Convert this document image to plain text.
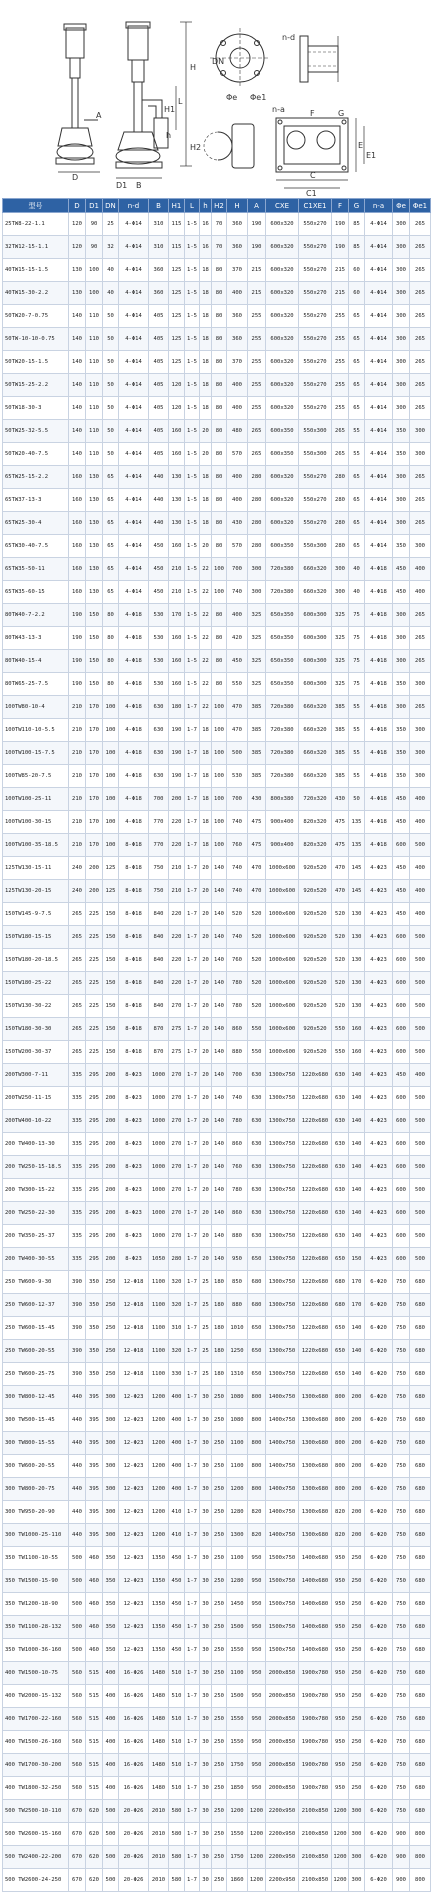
H
H1
H2
A
B
L
h
D
D1
DN
n-d
Φe Φe1
n-a	F	G
C
C1
E
E1
型号	D	D1	DN	n-d	B	H1	L	h	H2	H	A	CXE	C1XE1	F	G	n-a	Φe	Φe1
25TW8-22-1.1	120	90	25	4-Φ14	310	115	1-5	16	70	360	190	600x320	550x270	190	85	4-Φ14	300	265
32TW12-15-1.1	120	90	32	4-Φ14	310	115	1-5	16	70	360	190	600x320	550x270	190	85	4-Φ14	300	265
40TW15-15-1.5	130	100	40	4-Φ14	360	125	1-5	18	80	370	215	600x320	550x270	215	60	4-Φ14	300	265
40TW15-30-2.2	130	100	40	4-Φ14	360	125	1-5	18	80	400	215	600x320	550x270	215	60	4-Φ14	300	265
50TW20-7-0.75	140	110	50	4-Φ14	405	125	1-5	18	80	360	255	600x320	550x270	255	65	4-Φ14	300	265
50TW-10-10-0.75	140	110	50	4-Φ14	405	125	1-5	18	80	360	255	600x320	550x270	255	65	4-Φ14	300	265
50TW20-15-1.5	140	110	50	4-Φ14	405	125	1-5	18	80	370	255	600x320	550x270	255	65	4-Φ14	300	265
50TW15-25-2.2	140	110	50	4-Φ14	405	120	1-5	18	80	400	255	600x320	550x270	255	65	4-Φ14	300	265
50TW18-30-3	140	110	50	4-Φ14	405	120	1-5	18	80	400	255	600x320	550x270	255	65	4-Φ14	300	265
50TW25-32-5.5	140	110	50	4-Φ14	405	160	1-5	20	80	480	265	600x350	550x300	265	55	4-Φ14	350	300
50TW20-40-7.5	140	110	50	4-Φ14	405	160	1-5	20	80	570	265	600x350	550x300	265	55	4-Φ14	350	300
65TW25-15-2.2	160	130	65	4-Φ14	440	130	1-5	18	80	400	280	600x320	550x270	280	65	4-Φ14	300	265
65TW37-13-3	160	130	65	4-Φ14	440	130	1-5	18	80	400	280	600x320	550x270	280	65	4-Φ14	300	265
65TW25-30-4	160	130	65	4-Φ14	440	130	1-5	18	80	430	280	600x320	550x270	280	65	4-Φ14	300	265
65TW30-40-7.5	160	130	65	4-Φ14	450	160	1-5	20	80	570	280	600x350	550x300	280	65	4-Φ14	350	300
65TW35-50-11	160	130	65	4-Φ14	450	210	1-5	22	100	700	300	720x380	660x320	300	40	4-Φ18	450	400
65TW35-60-15	160	130	65	4-Φ14	450	210	1-5	22	100	740	300	720x380	660x320	300	40	4-Φ18	450	400
80TW40-7-2.2	190	150	80	4-Φ18	530	170	1-5	22	80	400	325	650x350	600x300	325	75	4-Φ18	300	265
80TW43-13-3	190	150	80	4-Φ18	530	160	1-5	22	80	420	325	650x350	600x300	325	75	4-Φ18	300	265
80TW40-15-4	190	150	80	4-Φ18	530	160	1-5	22	80	450	325	650x350	600x300	325	75	4-Φ18	300	265
80TW65-25-7.5	190	150	80	4-Φ18	530	160	1-5	22	80	550	325	650x350	600x300	325	75	4-Φ18	350	300
100TW80-10-4	210	170	100	4-Φ18	630	180	1-7	22	100	470	385	720x380	660x320	385	55	4-Φ18	300	265
100TW110-10-5.5	210	170	100	4-Φ18	630	190	1-7	18	100	470	385	720x380	660x320	385	55	4-Φ18	350	300
100TW100-15-7.5	210	170	100	4-Φ18	630	190	1-7	18	100	500	385	720x380	660x320	385	55	4-Φ18	350	300
100TW85-20-7.5	210	170	100	4-Φ18	630	190	1-7	18	100	530	385	720x380	660x320	385	55	4-Φ18	350	300
100TW100-25-11	210	170	100	4-Φ18	700	200	1-7	18	100	700	430	800x380	720x320	430	50	4-Φ18	450	400
100TW100-30-15	210	170	100	4-Φ18	770	220	1-7	18	100	740	475	900x400	820x320	475	135	4-Φ18	450	400
100TW100-35-18.5	210	170	100	8-Φ18	770	220	1-7	18	100	760	475	900x400	820x320	475	135	4-Φ18	600	500
125TW130-15-11	240	200	125	8-Φ18	750	210	1-7	20	140	740	470	1000x600	920x520	470	145	4-Φ23	450	400
125TW130-20-15	240	200	125	8-Φ18	750	210	1-7	20	140	740	470	1000x600	920x520	470	145	4-Φ23	450	400
150TW145-9-7.5	265	225	150	8-Φ18	840	220	1-7	20	140	520	520	1000x600	920x520	520	130	4-Φ23	450	400
150TW180-15-15	265	225	150	8-Φ18	840	220	1-7	20	140	740	520	1000x600	920x520	520	130	4-Φ23	600	500
150TW180-20-18.5	265	225	150	8-Φ18	840	220	1-7	20	140	760	520	1000x600	920x520	520	130	4-Φ23	600	500
150TW180-25-22	265	225	150	8-Φ18	840	220	1-7	20	140	780	520	1000x600	920x520	520	130	4-Φ23	600	500
150TW130-30-22	265	225	150	8-Φ18	840	270	1-7	20	140	780	520	1000x600	920x520	520	130	4-Φ23	600	500
150TW180-30-30	265	225	150	8-Φ18	870	275	1-7	20	140	860	550	1000x600	920x520	550	160	4-Φ23	600	500
150TW200-30-37	265	225	150	8-Φ18	870	275	1-7	20	140	880	550	1000x600	920x520	550	160	4-Φ23	600	500
200TW300-7-11	335	295	200	8-Φ23	1000	270	1-7	20	140	700	630	1300x750	1220x680	630	140	4-Φ23	450	400
200TW250-11-15	335	295	200	8-Φ23	1000	270	1-7	20	140	740	630	1300x750	1220x680	630	140	4-Φ23	600	500
200TW400-10-22	335	295	200	8-Φ23	1000	270	1-7	20	140	780	630	1300x750	1220x680	630	140	4-Φ23	600	500
200 TW400-13-30	335	295	200	8-Φ23	1000	270	1-7	20	140	860	630	1300x750	1220x680	630	140	4-Φ23	600	500
200 TW250-15-18.5	335	295	200	8-Φ23	1000	270	1-7	20	140	760	630	1300x750	1220x680	630	140	4-Φ23	600	500
200 TW300-15-22	335	295	200	8-Φ23	1000	270	1-7	20	140	780	630	1300x750	1220x680	630	140	4-Φ23	600	500
200 TW250-22-30	335	295	200	8-Φ23	1000	270	1-7	20	140	860	630	1300x750	1220x680	630	140	4-Φ23	600	500
200 TW350-25-37	335	295	200	8-Φ23	1000	270	1-7	20	140	880	630	1300x750	1220x680	630	140	4-Φ23	600	500
200 TW400-30-55	335	295	200	8-Φ23	1050	280	1-7	20	140	950	650	1300x750	1220x680	650	150	4-Φ23	600	500
250 TW600-9-30	390	350	250	12-Φ18	1100	320	1-7	25	180	850	680	1300x750	1220x680	680	170	6-Φ20	750	680
250 TW600-12-37	390	350	250	12-Φ18	1100	320	1-7	25	180	880	680	1300x750	1220x680	680	170	6-Φ20	750	680
250 TW600-15-45	390	350	250	12-Φ18	1100	310	1-7	25	180	1010	650	1300x750	1220x680	650	140	6-Φ20	750	680
250 TW600-20-55	390	350	250	12-Φ18	1100	320	1-7	25	180	1250	650	1300x750	1220x680	650	140	6-Φ20	750	680
250 TW600-25-75	390	350	250	12-Φ18	1100	330	1-7	25	180	1310	650	1300x750	1220x680	650	140	6-Φ20	750	680
300 TW800-12-45	440	395	300	12-Φ23	1200	400	1-7	30	250	1080	800	1400x750	1300x680	800	200	6-Φ20	750	680
300 TW500-15-45	440	395	300	12-Φ23	1200	400	1-7	30	250	1080	800	1400x750	1300x680	800	200	6-Φ20	750	680
300 TW800-15-55	440	395	300	12-Φ23	1200	400	1-7	30	250	1100	800	1400x750	1300x680	800	200	6-Φ20	750	680
300 TW600-20-55	440	395	300	12-Φ23	1200	400	1-7	30	250	1100	800	1400x750	1300x680	800	200	6-Φ20	750	680
300 TW800-20-75	440	395	300	12-Φ23	1200	400	1-7	30	250	1200	800	1400x750	1300x680	800	200	6-Φ20	750	680
300 TW950-20-90	440	395	300	12-Φ23	1200	410	1-7	30	250	1280	820	1400x750	1300x680	820	200	6-Φ20	750	680
300 TW1000-25-110	440	395	300	12-Φ23	1200	410	1-7	30	250	1300	820	1400x750	1300x680	820	200	6-Φ20	750	680
350 TW1100-10-55	500	460	350	12-Φ23	1350	450	1-7	30	250	1100	950	1500x750	1400x680	950	250	6-Φ20	750	680
350 TW1500-15-90	500	460	350	12-Φ23	1350	450	1-7	30	250	1280	950	1500x750	1400x680	950	250	6-Φ20	750	680
350 TW1200-18-90	500	460	350	12-Φ23	1350	450	1-7	30	250	1450	950	1500x750	1400x680	950	250	6-Φ20	750	680
350 TW1100-28-132	500	460	350	12-Φ23	1350	450	1-7	30	250	1500	950	1500x750	1400x680	950	250	6-Φ20	750	680
350 TW1000-36-160	500	460	350	12-Φ23	1350	450	1-7	30	250	1550	950	1500x750	1400x680	950	250	6-Φ20	750	680
400 TW1500-10-75	560	515	400	16-Φ26	1480	510	1-7	30	250	1100	950	2000x850	1900x780	950	250	6-Φ20	750	680
400 TW2000-15-132	560	515	400	16-Φ26	1480	510	1-7	30	250	1500	950	2000x850	1900x780	950	250	6-Φ20	750	680
400 TW1700-22-160	560	515	400	16-Φ26	1480	510	1-7	30	250	1550	950	2000x850	1900x780	950	250	6-Φ20	750	680
400 TW1500-26-160	560	515	400	16-Φ26	1480	510	1-7	30	250	1550	950	2000x850	1900x780	950	250	6-Φ20	750	680
400 TW1700-30-200	560	515	400	16-Φ26	1480	510	1-7	30	250	1750	950	2000x850	1900x780	950	250	6-Φ20	750	680
400 TW1800-32-250	560	515	400	16-Φ26	1480	510	1-7	30	250	1850	950	2000x850	1900x780	950	250	6-Φ20	750	680
500 TW2500-10-110	670	620	500	20-Φ26	2010	580	1-7	30	250	1200	1200	2200x950	2100x850	1200	300	6-Φ20	750	680
500 TW2600-15-160	670	620	500	20-Φ26	2010	580	1-7	30	250	1550	1200	2200x950	2100x850	1200	300	6-Φ20	900	800
500 TW2400-22-200	670	620	500	20-Φ26	2010	580	1-7	30	250	1750	1200	2200x950	2100x850	1200	300	6-Φ20	900	800
500 TW2600-24-250	670	620	500	20-Φ26	2010	580	1-7	30	250	1860	1200	2200x950	2100x850	1200	300	6-Φ20	900	800
